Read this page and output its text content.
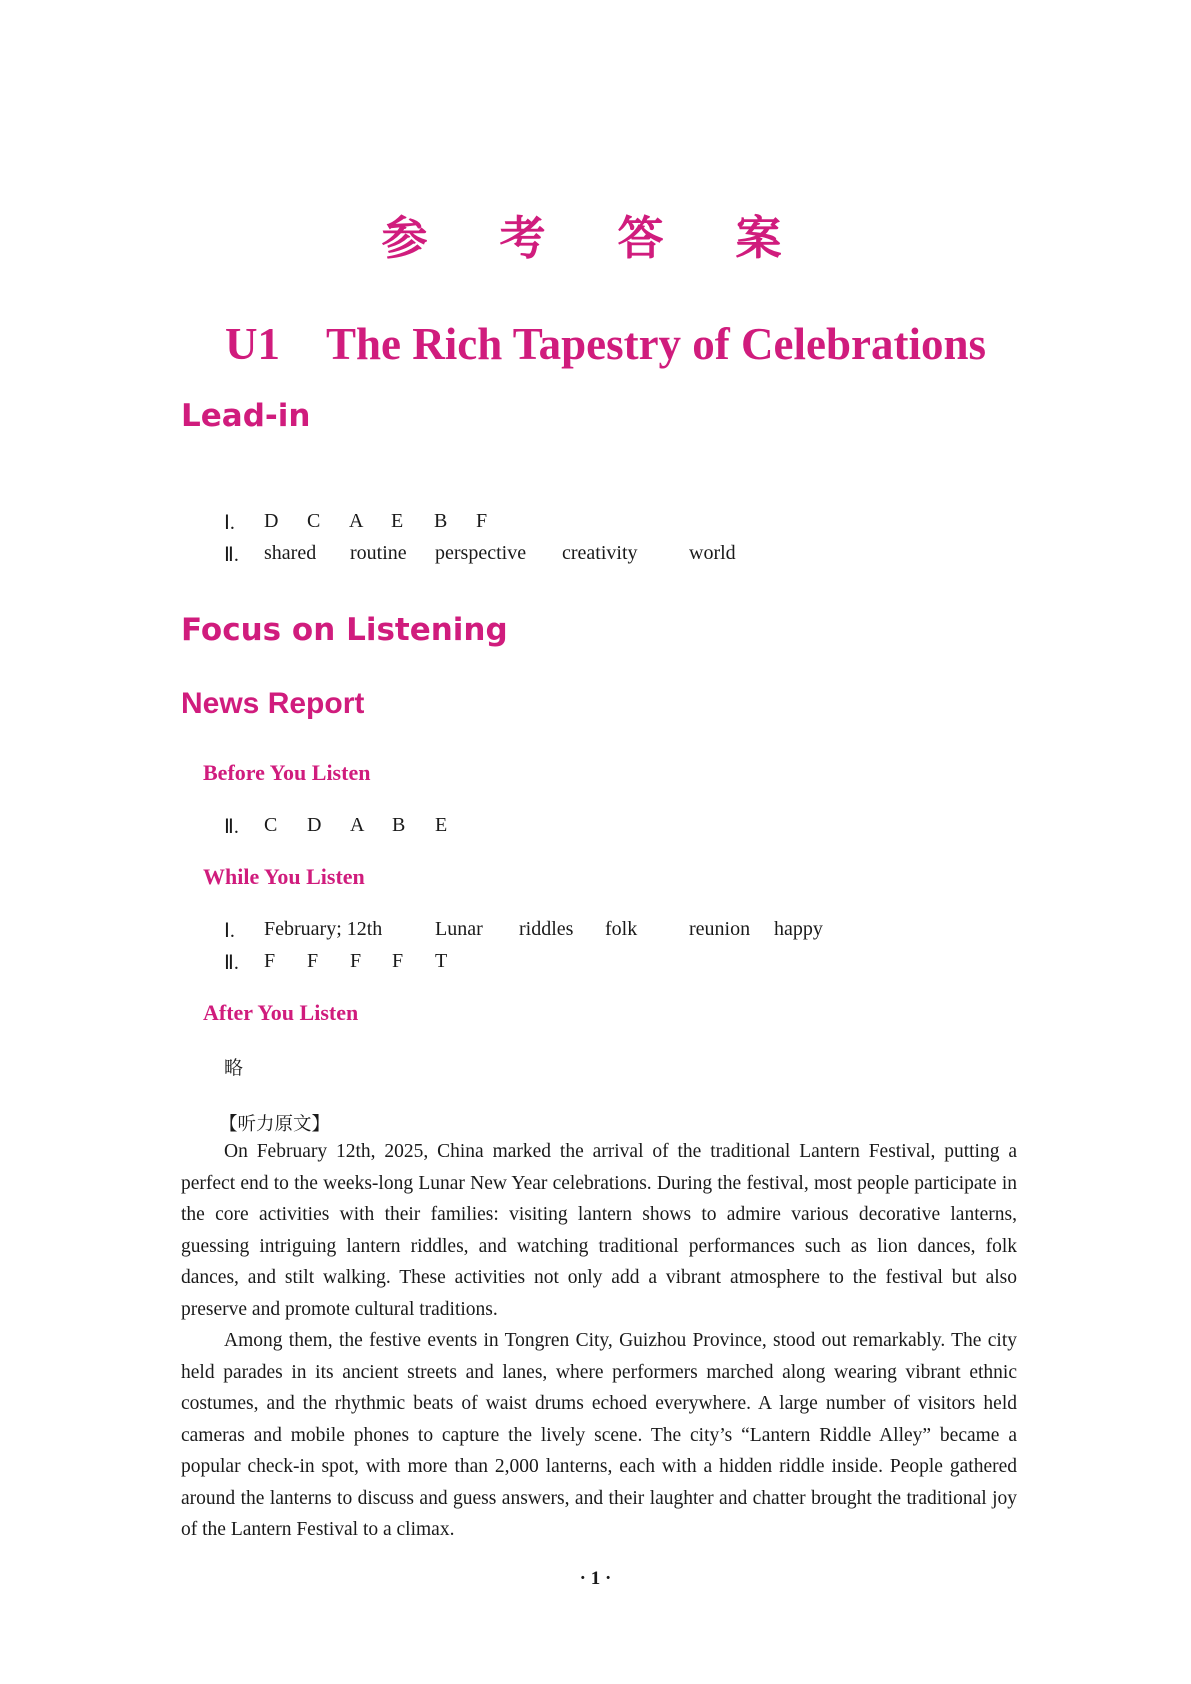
参 考 答 案
U1 The Rich Tapestry of Celebrations
Lead-in
Ⅰ. D C A E B F
Ⅱ. shared routine perspective creativity	world
Focus on Listening
News Report
Before You Listen
Ⅱ. C D A B E
While You Listen
Ⅰ. February; 12th	Lunar riddles folk	reunion happy
Ⅱ. F F F F T
After You Listen
略
【听力原文】

On February 12th, 2025, China marked the arrival of the traditional Lantern Festival, putting a perfect end to the weeks-long Lunar New Year celebrations. During the festival, most people participate in the core activities with their families: visiting lantern shows to admire various decorative lanterns, guessing intriguing lantern riddles, and watching traditional performances such as lion dances, folk dances, and stilt walking. These activities not only add a vibrant atmosphere to the festival but also preserve and promote cultural traditions.

Among them, the festive events in Tongren City, Guizhou Province, stood out remarkably. The city held parades in its ancient streets and lanes, where performers marched along wearing vibrant ethnic costumes, and the rhythmic beats of waist drums echoed everywhere. A large number of visitors held cameras and mobile phones to capture the lively scene. The city’s “Lantern Riddle Alley” became a popular check-in spot, with more than 2,000 lanterns, each with a hidden riddle inside. People gathered around the lanterns to discuss and guess answers, and their laughter and chatter brought the traditional joy of the Lantern Festival to a climax.

· 1 ·
